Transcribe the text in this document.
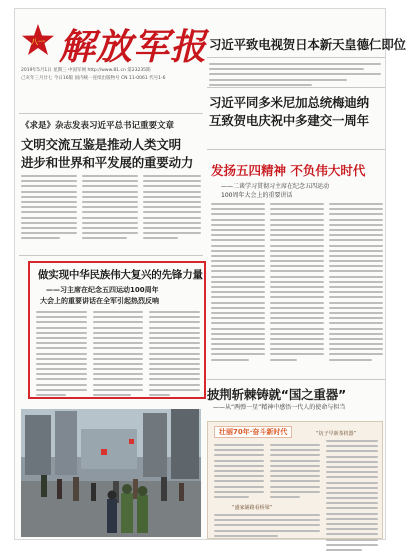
八一 解放军报
2019年5月1日 星期三 中国军网 http://www.81.cn 第23235期
己亥年三月廿七 今日16版 国内统一连续出版物号 CN 11-0061 代号1-6
习近平致电视贺日本新天皇德仁即位
习近平同多米尼加总统梅迪纳
互致贺电庆祝中多建交一周年
《求是》杂志发表习近平总书记重要文章
文明交流互鉴是推动人类文明
进步和世界和平发展的重要动力
发扬五四精神 不负伟大时代
——二谈学习贯彻习主席在纪念五四运动
100周年大会上的重要讲话
做实现中华民族伟大复兴的先锋力量
——习主席在纪念五四运动100周年
大会上的重要讲话在全军引起热烈反响
披荆斩棘铸就“国之重器”
——从“两弹一星”精神中感悟一代人的使命与担当
壮丽70年·奋斗新时代	“坊子早新茶机器”
“盛家铺路看桥梁”
